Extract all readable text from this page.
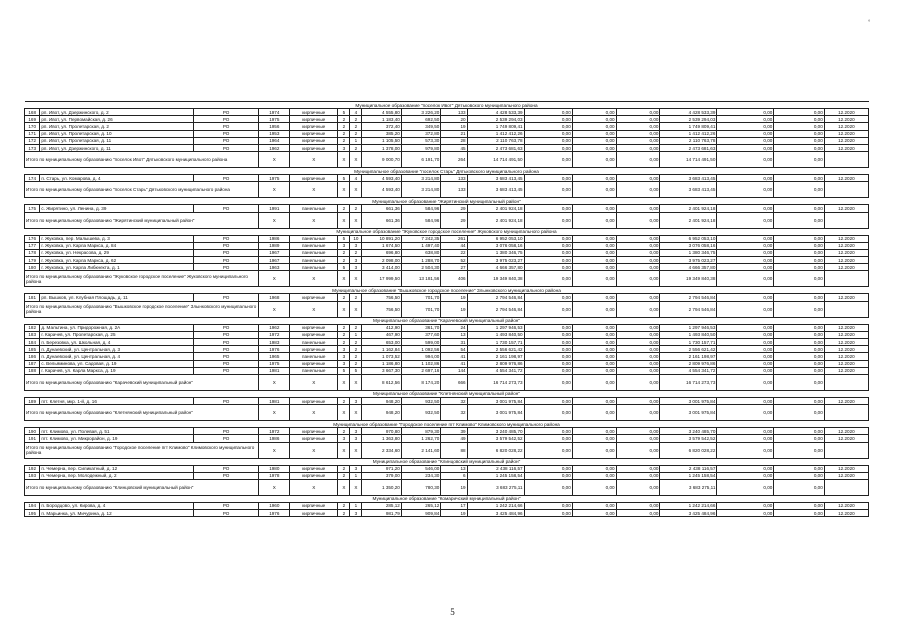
°
Муниципальное образование "поселок Ивот" Дятьковского муниципального района																	
168	рп. Ивот, ул. Дзержинского, д. 2	РО	1974	кирпичные	5	4	4 555,80	3 226,20	133	4 428 533,39	0,00	0,00	0,00	4 428 533,39	0,00	0,00	12.2020
169	рп. Ивот, ул. Первомайская, д. 26	РО	1975	кирпичные	2	2	1 183,40	692,50	20	2 539 294,03	0,00	0,00	0,00	2 539 294,03	0,00	0,00	12.2020
170	рп. Ивот, ул. Пролетарская, д. 2	РО	1956	кирпичные	2	2	372,40	349,50	19	1 749 809,41	0,00	0,00	0,00	1 749 809,41	0,00	0,00	12.2020
171	рп. Ивот, ул. Пролетарская, д. 10	РО	1953	кирпичные	2	2	385,20	372,80	21	1 412 412,26	0,00	0,00	0,00	1 412 412,26	0,00	0,00	12.2020
172	рп. Ивот, ул. Пролетарская, д. 11	РО	1964	кирпичные	2	1	1 105,50	573,30	28	2 110 763,78	0,00	0,00	0,00	2 110 763,78	0,00	0,00	12.2020
173	рп. Ивот, ул. Дзержинского, д. 11	РО	1962	кирпичные	3	2	1 378,00	979,80	45	2 473 681,63	0,00	0,00	0,00	2 473 681,63	0,00	0,00	12.2020
Итого по муниципальному образованию "поселок Ивот" Дятьковского муниципального района			X	X	X	X	9 000,70	6 191,70	264	14 714 491,50	0,00	0,00	0,00	14 714 491,50	0,00	0,00	
Муниципальное образование "поселок Старь" Дятьковского муниципального района																	
174	п. Старь, ул. Комарова, д. 4	РО	1975	кирпичные	5	4	4 593,40	3 214,80	133	3 683 413,45	0,00	0,00	0,00	3 683 413,45	0,00	0,00	12.2020
Итого по муниципальному образованию "поселок Старь" Дятьковского муниципального района			X	X	X	X	4 593,40	3 214,80	133	3 683 413,45	0,00	0,00	0,00	3 683 413,45	0,00	0,00	
Муниципальное образование "Жирятинский муниципальный район"																	
175	с. Жирятино, ул. Ленина, д. 39	РО	1991	панельные	2	2	661,36	584,96	29	2 401 924,18	0,00	0,00	0,00	2 401 924,18	0,00	0,00	12.2020
Итого по муниципальному образованию "Жирятинский муниципальный район"			X	X	X	X	661,36	584,96	29	2 401 924,18	0,00	0,00	0,00	2 401 924,18	0,00	0,00	
Муниципальное образование "Жуковское городское поселение" Жуковского муниципального района																	
176	г. Жуковка, пер. Малышева, д. 3	РО	1986	панельные	5	10	10 891,20	7 242,35	261	6 952 053,10	0,00	0,00	0,00	6 952 053,10	0,00	0,00	12.2020
177	г. Жуковка, ул. Карла Маркса, д. 84	РО	1989	панельные	3	3	1 674,50	1 497,40	44	3 076 058,16	0,00	0,00	0,00	3 076 058,16	0,00	0,00	12.2020
178	г. Жуковка, ул. Некрасова, д. 29	РО	1967	панельные	2	2	696,80	638,80	22	1 380 346,75	0,00	0,00	0,00	1 380 346,75	0,00	0,00	12.2020
179	г. Жуковка, ул. Карла Маркса, д. 62	РО	1967	панельные	2	3	2 098,00	1 288,70	52	3 975 023,27	0,00	0,00	0,00	3 975 023,27	0,00	0,00	12.2020
180	г. Жуковка, ул. Карла Либкнехта, д. 1	РО	1963	панельные	5	3	3 414,00	2 504,30	27	4 666 357,80	0,00	0,00	0,00	4 666 357,80	0,00	0,00	12.2020
Итого по муниципальному образованию "Жуковское городское поселение" Жуковского муниципального района			X	X	X	X	17 999,50	13 181,56	406	19 349 840,38	0,00	0,00	0,00	19 349 840,38	0,00	0,00	
Муниципальное образование "Вышковское городское поселение" Злынковского муниципального района																	
181	рп. Вышков, ул. Клубная Площадь, д. 11	РО	1968	кирпичные	2	2	756,50	701,70	19	2 794 546,84	0,00	0,00	0,00	2 794 546,84	0,00	0,00	12.2020
Итого по муниципальному образованию "Вышковское городское поселение" Злынковского муниципального района			X	X	X	X	756,50	701,70	19	2 794 546,84	0,00	0,00	0,00	2 794 546,84	0,00	0,00	
Муниципальное образование "Карачевский муниципальный район"																	
182	д. Мальтина, ул. Придорожная, д. 2А	РО	1962	кирпичные	2	2	412,90	361,70	24	1 297 946,53	0,00	0,00	0,00	1 297 946,53	0,00	0,00	12.2020
183	г. Карачев, ул. Пролетарская, д. 25	РО	1972	кирпичные	2	1	467,90	377,60	13	1 493 840,50	0,00	0,00	0,00	1 493 840,50	0,00	0,00	12.2020
184	п. Березовка, ул. Школьная, д. 4	РО	1983	панельные	2	2	653,00	599,00	31	1 730 157,71	0,00	0,00	0,00	1 730 157,71	0,00	0,00	12.2020
185	п. Дунаевский, ул. Центральная, д. 3	РО	1976	кирпичные	3	2	1 162,84	1 092,56	54	2 556 621,42	0,00	0,00	0,00	2 556 621,42	0,00	0,00	12.2020
186	п. Дунаевский, ул. Центральная, д. 4	РО	1965	панельные	3	2	1 073,52	994,00	41	2 161 198,97	0,00	0,00	0,00	2 161 198,97	0,00	0,00	12.2020
187	с. Вельяминова, ул. Садовая, д. 19	РО	1975	кирпичные	3	2	1 186,80	1 102,86	41	2 809 976,86	0,00	0,00	0,00	2 809 976,86	0,00	0,00	12.2020
188	г. Карачев, ул. Карла Маркса, д. 19	РО	1981	панельные	5	5	3 667,30	2 697,16	144	4 554 341,72	0,00	0,00	0,00	4 554 341,72	0,00	0,00	12.2020
Итого по муниципальному образованию "Карачевский муниципальный район"			X	X	X	X	8 612,56	8 174,20	666	16 714 273,73	0,00	0,00	0,00	16 714 273,73	0,00	0,00	
Муниципальное образование "Клетнянский муниципальный район"																	
189	пгт. Клетня, мкр. 1-й, д. 16	РО	1981	кирпичные	2	3	948,20	932,50	32	3 001 975,84	0,00	0,00	0,00	3 001 975,84	0,00	0,00	12.2020
Итого по муниципальному образованию "Клетнянский муниципальный район"			X	X	X	X	948,20	932,50	32	3 001 975,84	0,00	0,00	0,00	3 001 975,84	0,00	0,00	
Муниципальное образование "Городское поселение пгт Климово" Климовского муниципального района																	
190	пгт. Климово, ул. Полевая, д. 51	РО	1972	кирпичные	2	3	970,80	879,30	39	3 240 485,70	0,00	0,00	0,00	3 240 485,70	0,00	0,00	12.2020
191	пгт. Климово, ул. Микрорайон, д. 19	РО	1986	кирпичные	3	3	1 363,80	1 262,70	49	3 579 542,52	0,00	0,00	0,00	3 579 542,52	0,00	0,00	12.2020
Итого по муниципальному образованию "Городское поселение пгт Климово" Климовского муниципального района			X	X	X	X	2 334,60	2 141,60	88	6 820 028,22	0,00	0,00	0,00	6 820 028,22	0,00	0,00	
Муниципальное образование "Клинцовский муниципальный район"																	
192	п. Чемерна, пер. Силикатный, д. 12	РО	1980	кирпичные	2	3	971,20	546,00	13	2 438 116,57	0,00	0,00	0,00	2 438 116,57	0,00	0,00	12.2020
193	п. Чемерна, пер. Молодежный, д. 2	РО	1978	кирпичные	2	1	379,00	234,30	6	1 245 158,54	0,00	0,00	0,00	1 245 158,54	0,00	0,00	12.2020
Итого по муниципальному образованию "Клинцовский муниципальный район"			X	X	X	X	1 350,20	780,30	19	3 683 275,11	0,00	0,00	0,00	3 683 275,11	0,00	0,00	
Муниципальное образование "Комаричский муниципальный район"																	
194	п. Бородцово, ул. Кирова, д. 4	РО	1960	кирпичные	2	1	285,12	265,12	17	1 242 214,66	0,00	0,00	0,00	1 242 214,66	0,00	0,00	12.2020
195	п. Марьинка, ул. Мичурина, д. 12	РО	1976	кирпичные	2	3	981,79	909,84	19	3 425 484,96	0,00	0,00	0,00	3 425 484,96	0,00	0,00	12.2020
5
